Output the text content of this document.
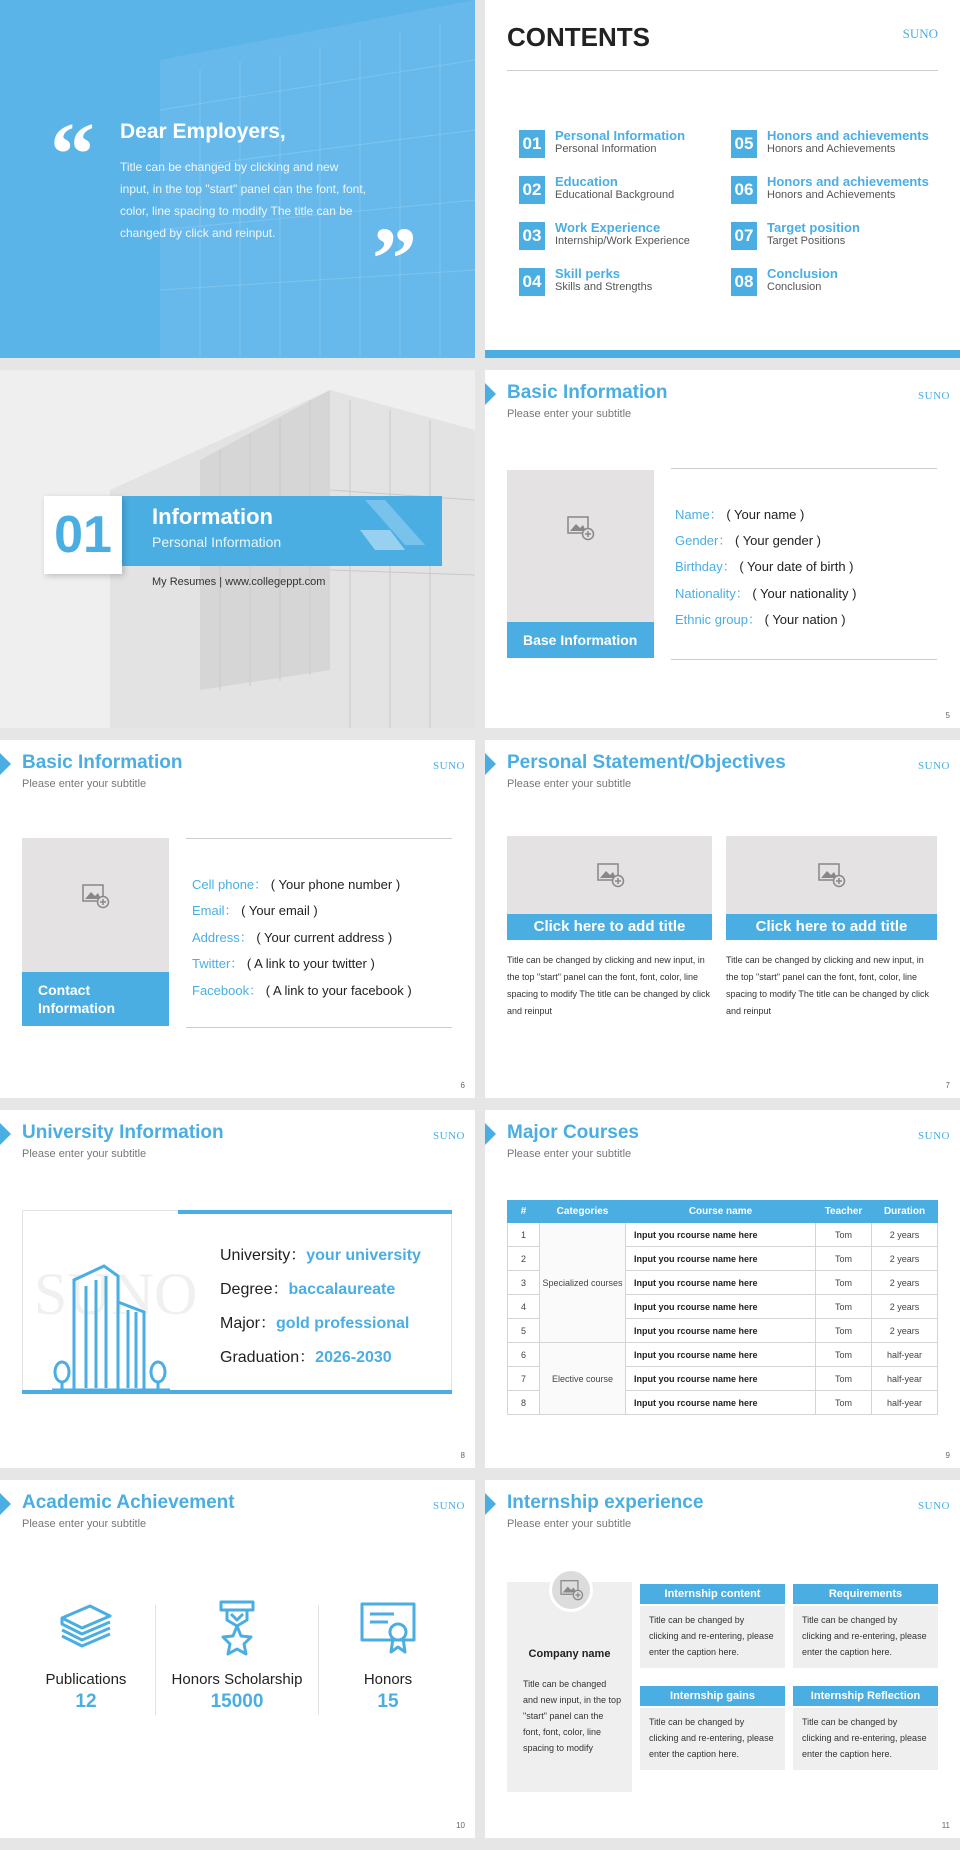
“
”
Dear Employers,
Title can be changed by clicking and new input, in the top "start" panel can the font, font, color, line spacing to modify The title can be changed by click and reinput.
CONTENTS	SUNO
01 Personal Information
Personal Information
02 Education
Educational Background
03 Work Experience
Internship/Work Experience
04 Skill perks
Skills and Strengths
05 Honors and achievements
Honors and Achievements
06 Honors and achievements
Honors and Achievements
07 Target position
Target Positions
08 Conclusion
Conclusion
01	Information
Personal Information
My Resumes | www.collegeppt.com
Basic Information
Please enter your subtitle
SUNO
Base Information
Name： ( Your name )
Gender： ( Your gender )
Birthday： ( Your date of birth )
Nationality： ( Your nationality )
Ethnic group： ( Your nation )
5
Basic Information
Please enter your subtitle
SUNO
Contact Information
Cell phone： ( Your phone number )
Email： ( Your email )
Address： ( Your current address )
Twitter： ( A link to your twitter )
Facebook： ( A link to your facebook )
6
Personal Statement/Objectives
Please enter your subtitle
SUNO
Click here to add title
Title can be changed by clicking and new input, in the top "start" panel can the font, font, color, line spacing to modify The title can be changed by click and reinput
Click here to add title
Title can be changed by clicking and new input, in the top "start" panel can the font, font, color, line spacing to modify The title can be changed by click and reinput
7
University Information
Please enter your subtitle
SUNO
SUNO
University：your university
Degree：baccalaureate
Major：gold professional
Graduation：2026-2030
8
Major Courses
Please enter your subtitle
SUNO
#	Categories	Course name	Teacher	Duration
1	Specialized courses	Input you rcourse name here	Tom	2 years
2		Input you rcourse name here	Tom	2 years
3		Input you rcourse name here	Tom	2 years
4		Input you rcourse name here	Tom	2 years
5		Input you rcourse name here	Tom	2 years
6	Elective course	Input you rcourse name here	Tom	half-year
7		Input you rcourse name here	Tom	half-year
8		Input you rcourse name here	Tom	half-year
9
Academic Achievement
Please enter your subtitle
SUNO
Publications
12
Honors Scholarship
15000
Honors
15
10
Internship experience
Please enter your subtitle
SUNO
Company name
Title can be changed and new input, in the top "start" panel can the font, font, color, line spacing to modify
Internship content
Title can be changed by clicking and re-entering, please enter the caption here.
Requirements
Title can be changed by clicking and re-entering, please enter the caption here.
Internship gains
Title can be changed by clicking and re-entering, please enter the caption here.
Internship Reflection
Title can be changed by clicking and re-entering, please enter the caption here.
11
